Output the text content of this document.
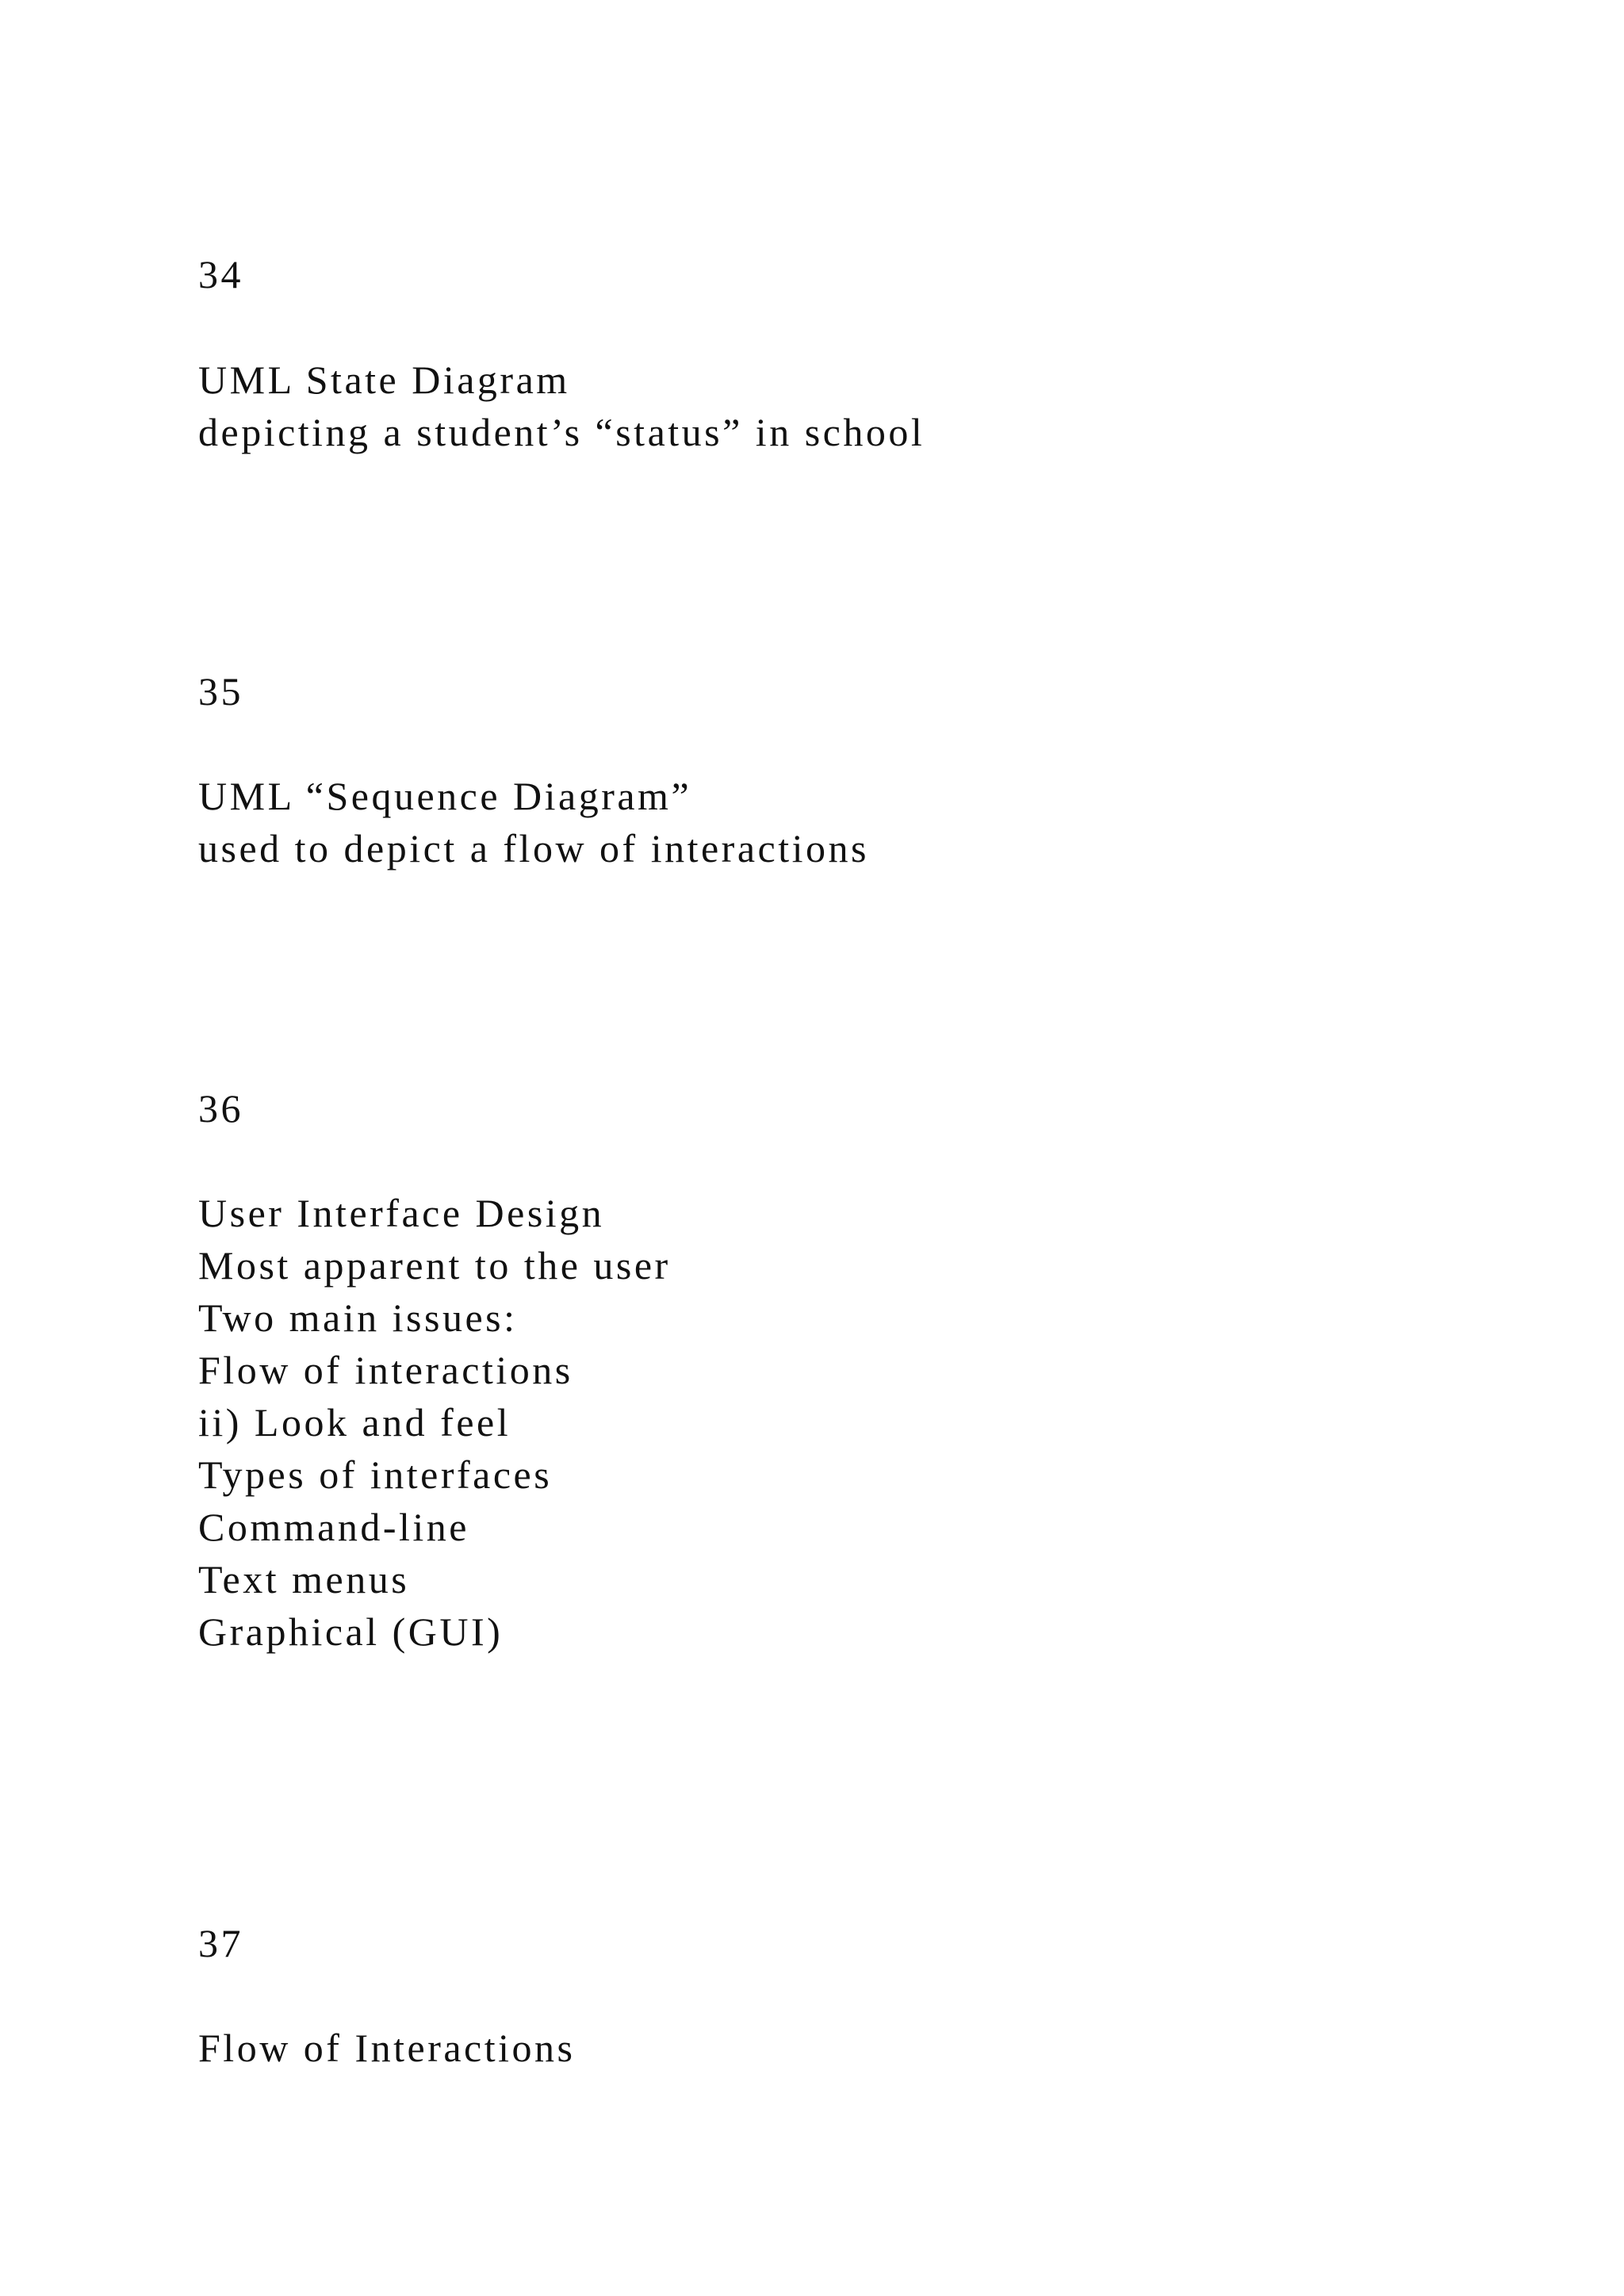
34

UML State Diagram

depicting a student’s “status” in school

35

UML “Sequence Diagram”

used to depict a flow of interactions

36

User Interface Design

Most apparent to the user

Two main issues:

Flow of interactions

ii) Look and feel

Types of interfaces

Command-line

Text menus

Graphical (GUI)

37

Flow of Interactions
